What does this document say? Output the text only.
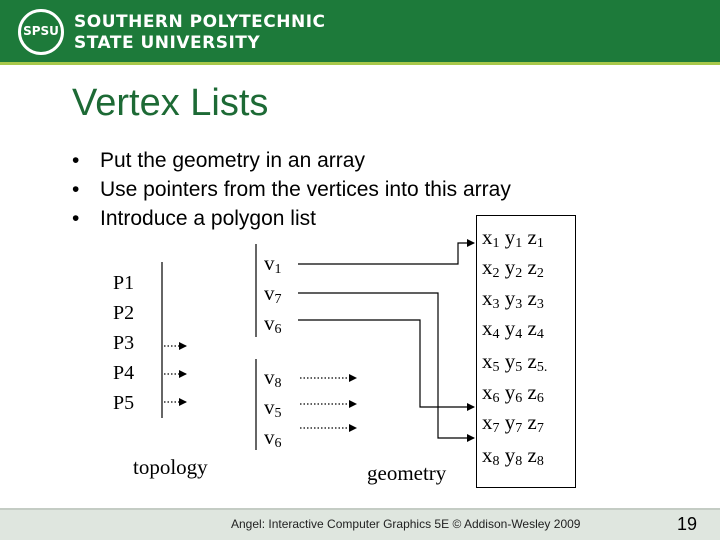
SPSU SOUTHERN POLYTECHNIC
STATE UNIVERSITY
Vertex Lists
• Put the geometry in an array
• Use pointers from the vertices into this array
• Introduce a polygon list
P1
P2
P3
P4
P5
topology
$v_1$
$v_7$
$v_6$
$v_8$
$v_5$
$v_6$
geometry
$x_1$ $y_1$ $z_1$
$x_2$ $y_2$ $z_2$
$x_3$ $y_3$ $z_3$
$x_4$ $y_4$ $z_4$
$x_5$ $y_5$ $z_{5.}$
$x_6$ $y_6$ $z_6$
$x_7$ $y_7$ $z_7$
$x_8$ $y_8$ $z_8$
Angel: Interactive Computer Graphics 5E © Addison-Wesley 2009	19
